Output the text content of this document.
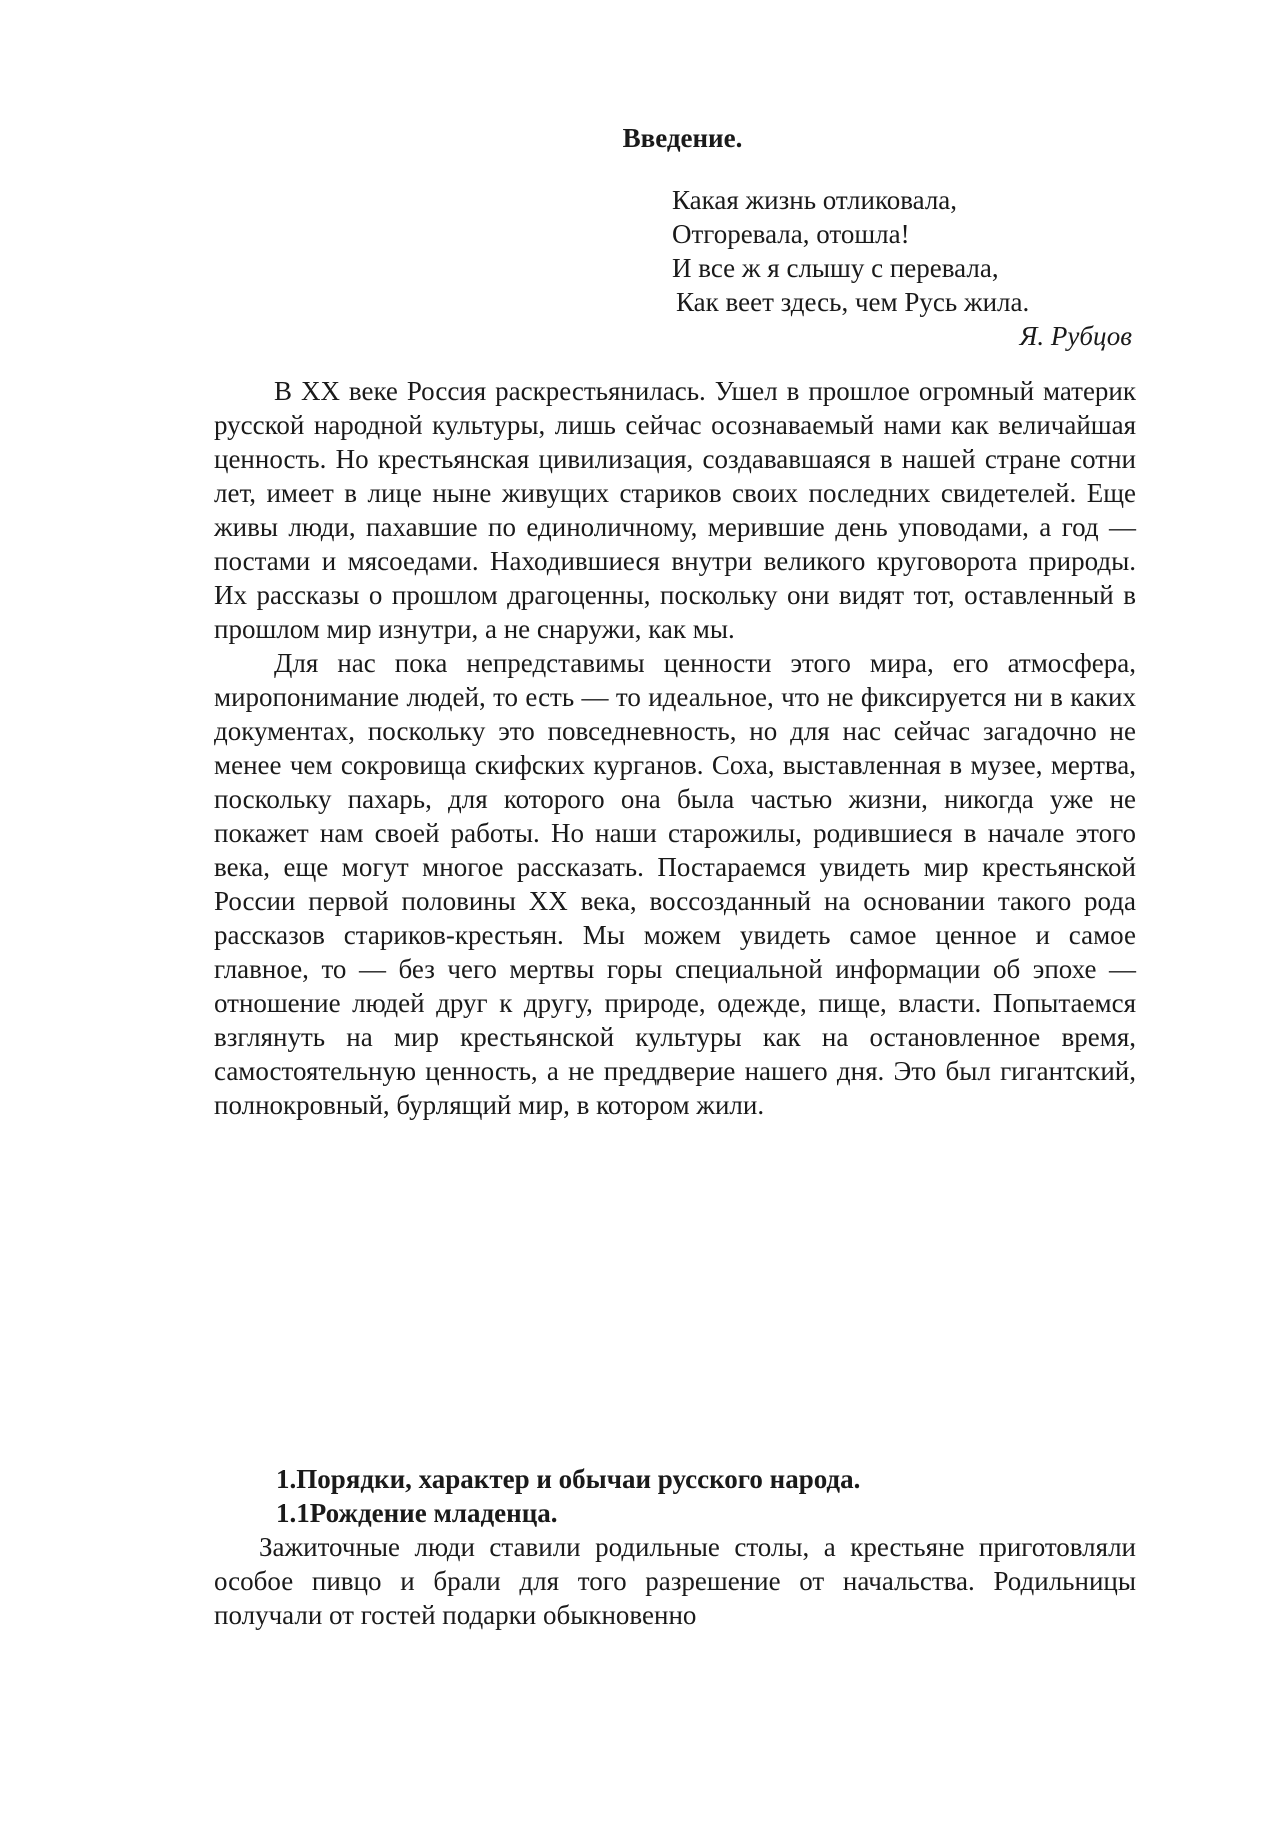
Введение.
Какая жизнь отликовала,
Отгоревала, отошла!
И все ж я слышу с перевала,
Как веет здесь, чем Русь жила.
Я. Рубцов

В XX веке Россия раскрестьянилась. Ушел в прошлое огромный материк русской народной культуры, лишь сейчас осознаваемый нами как величайшая ценность. Но крестьянская цивилизация, создававшаяся в нашей стране сотни лет, имеет в лице ныне живущих стариков своих последних свидетелей. Еще живы люди, пахавшие по единоличному, мерившие день уповодами, а год — постами и мясоедами. Находившиеся внутри великого круговорота природы. Их рассказы о прошлом драгоценны, поскольку они видят тот, оставленный в прошлом мир изнутри, а не снаружи, как мы.

Для нас пока непредставимы ценности этого мира, его атмосфера, миропонимание людей, то есть — то идеальное, что не фиксируется ни в каких документах, поскольку это повседневность, но для нас сейчас загадочно не менее чем сокровища скифских курганов. Соха, выставленная в музее, мертва, поскольку пахарь, для которого она была частью жизни, никогда уже не покажет нам своей работы. Но наши старожилы, родившиеся в начале этого века, еще могут многое рассказать. Постараемся увидеть мир крестьянской России первой половины XX века, воссозданный на основании такого рода рассказов стариков-крестьян. Мы можем увидеть самое ценное и самое главное, то — без чего мертвы горы специальной информации об эпохе — отношение людей друг к другу, природе, одежде, пище, власти. Попытаемся взглянуть на мир крестьянской культуры как на остановленное время, самостоятельную ценность, а не преддверие нашего дня. Это был гигантский, полнокровный, бурлящий мир, в котором жили.

1.Порядки, характер и обычаи русского народа.
1.1Рождение младенца.

Зажиточные люди ставили родильные столы, а крестьяне приготовляли особое пивцо и брали для того разрешение от начальства. Родильницы получали от гостей подарки обыкновенно
